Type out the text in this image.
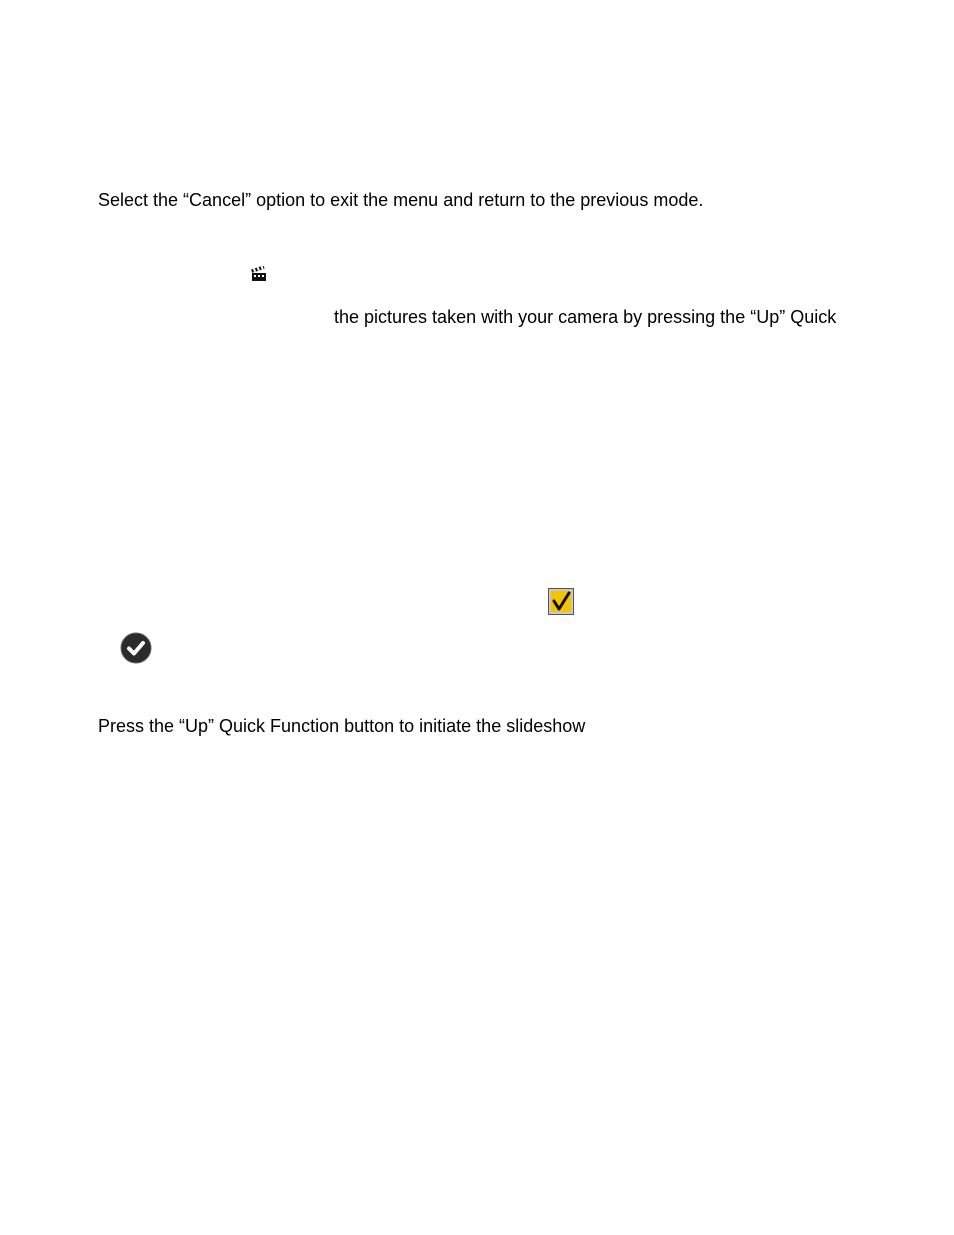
Select the “Cancel” option to exit the menu and return to the previous mode.
the pictures taken with your camera by pressing the “Up” Quick
Press the “Up” Quick Function button to initiate the slideshow
